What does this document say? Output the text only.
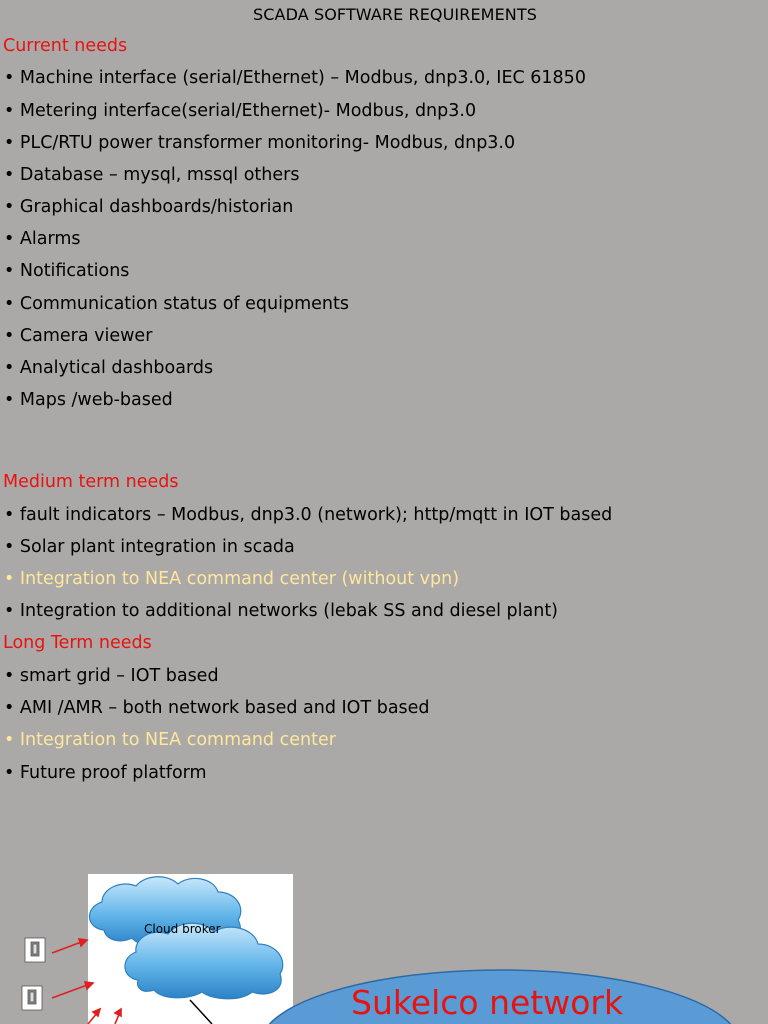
SCADA SOFTWARE REQUIREMENTS
Current needs
• Machine interface (serial/Ethernet) – Modbus, dnp3.0, IEC 61850
• Metering interface(serial/Ethernet)- Modbus, dnp3.0
• PLC/RTU power transformer monitoring- Modbus, dnp3.0
• Database – mysql, mssql others
• Graphical dashboards/historian
• Alarms
• Notifications
• Communication status of equipments
• Camera viewer
• Analytical dashboards
• Maps /web-based
Medium term needs
• fault indicators – Modbus, dnp3.0 (network); http/mqtt in IOT based
• Solar plant integration in scada
• Integration to NEA command center (without vpn)
• Integration to additional networks (lebak SS and diesel plant)
Long Term needs
• smart grid – IOT based
• AMI /AMR – both network based and IOT based
• Integration to NEA command center
• Future proof platform
Cloud broker
Sukelco network
